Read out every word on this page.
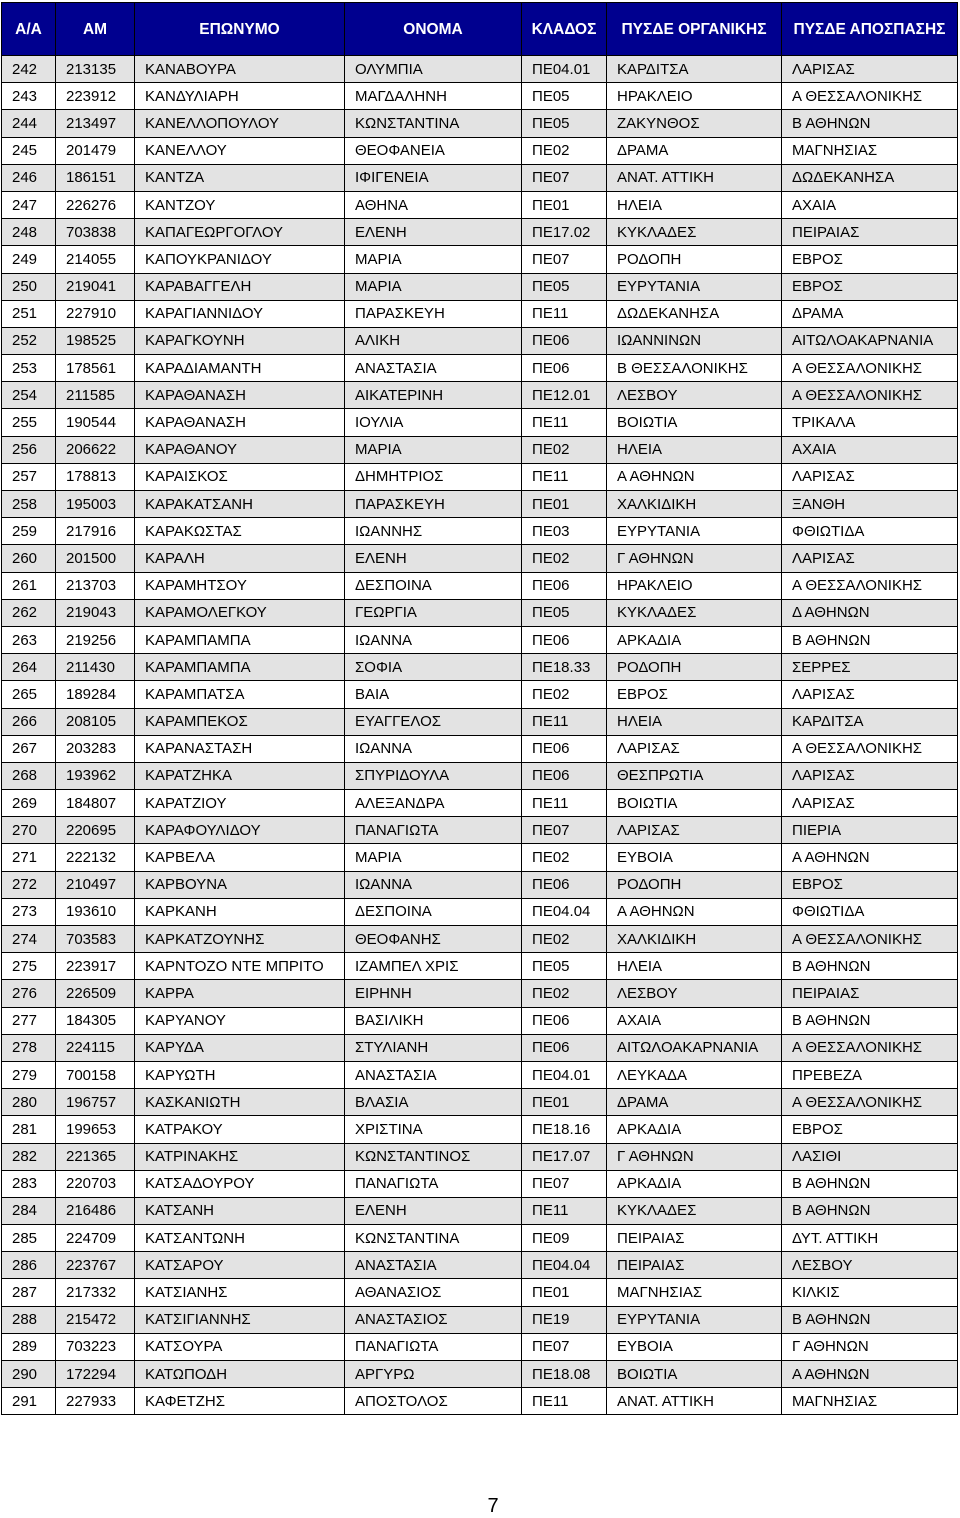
Α/Α	ΑΜ	ΕΠΩΝΥΜΟ	ΟΝΟΜΑ	ΚΛΑΔΟΣ	ΠΥΣΔΕ ΟΡΓΑΝΙΚΗΣ	ΠΥΣΔΕ ΑΠΟΣΠΑΣΗΣ
242	213135	ΚΑΝΑΒΟΥΡΑ	ΟΛΥΜΠΙΑ	ΠΕ04.01	ΚΑΡΔΙΤΣΑ	ΛΑΡΙΣΑΣ
243	223912	ΚΑΝΔΥΛΙΑΡΗ	ΜΑΓΔΑΛΗΝΗ	ΠΕ05	ΗΡΑΚΛΕΙΟ	Α ΘΕΣΣΑΛΟΝΙΚΗΣ
244	213497	ΚΑΝΕΛΛΟΠΟΥΛΟΥ	ΚΩΝΣΤΑΝΤΙΝΑ	ΠΕ05	ΖΑΚΥΝΘΟΣ	Β ΑΘΗΝΩΝ
245	201479	ΚΑΝΕΛΛΟΥ	ΘΕΟΦΑΝΕΙΑ	ΠΕ02	ΔΡΑΜΑ	ΜΑΓΝΗΣΙΑΣ
246	186151	ΚΑΝΤΖΑ	ΙΦΙΓΕΝΕΙΑ	ΠΕ07	ΑΝΑΤ. ΑΤΤΙΚΗ	ΔΩΔΕΚΑΝΗΣΑ
247	226276	ΚΑΝΤΖΟΥ	ΑΘΗΝΑ	ΠΕ01	ΗΛΕΙΑ	ΑΧΑΙΑ
248	703838	ΚΑΠΑΓΕΩΡΓΟΓΛΟΥ	ΕΛΕΝΗ	ΠΕ17.02	ΚΥΚΛΑΔΕΣ	ΠΕΙΡΑΙΑΣ
249	214055	ΚΑΠΟΥΚΡΑΝΙΔΟΥ	ΜΑΡΙΑ	ΠΕ07	ΡΟΔΟΠΗ	ΕΒΡΟΣ
250	219041	ΚΑΡΑΒΑΓΓΕΛΗ	ΜΑΡΙΑ	ΠΕ05	ΕΥΡΥΤΑΝΙΑ	ΕΒΡΟΣ
251	227910	ΚΑΡΑΓΙΑΝΝΙΔΟΥ	ΠΑΡΑΣΚΕΥΗ	ΠΕ11	ΔΩΔΕΚΑΝΗΣΑ	ΔΡΑΜΑ
252	198525	ΚΑΡΑΓΚΟΥΝΗ	ΑΛΙΚΗ	ΠΕ06	ΙΩΑΝΝΙΝΩΝ	ΑΙΤΩΛΟΑΚΑΡΝΑΝΙΑ
253	178561	ΚΑΡΑΔΙΑΜΑΝΤΗ	ΑΝΑΣΤΑΣΙΑ	ΠΕ06	Β ΘΕΣΣΑΛΟΝΙΚΗΣ	Α ΘΕΣΣΑΛΟΝΙΚΗΣ
254	211585	ΚΑΡΑΘΑΝΑΣΗ	ΑΙΚΑΤΕΡΙΝΗ	ΠΕ12.01	ΛΕΣΒΟΥ	Α ΘΕΣΣΑΛΟΝΙΚΗΣ
255	190544	ΚΑΡΑΘΑΝΑΣΗ	ΙΟΥΛΙΑ	ΠΕ11	ΒΟΙΩΤΙΑ	ΤΡΙΚΑΛΑ
256	206622	ΚΑΡΑΘΑΝΟΥ	ΜΑΡΙΑ	ΠΕ02	ΗΛΕΙΑ	ΑΧΑΙΑ
257	178813	ΚΑΡΑΙΣΚΟΣ	ΔΗΜΗΤΡΙΟΣ	ΠΕ11	Α ΑΘΗΝΩΝ	ΛΑΡΙΣΑΣ
258	195003	ΚΑΡΑΚΑΤΣΑΝΗ	ΠΑΡΑΣΚΕΥΗ	ΠΕ01	ΧΑΛΚΙΔΙΚΗ	ΞΑΝΘΗ
259	217916	ΚΑΡΑΚΩΣΤΑΣ	ΙΩΑΝΝΗΣ	ΠΕ03	ΕΥΡΥΤΑΝΙΑ	ΦΘΙΩΤΙΔΑ
260	201500	ΚΑΡΑΛΗ	ΕΛΕΝΗ	ΠΕ02	Γ ΑΘΗΝΩΝ	ΛΑΡΙΣΑΣ
261	213703	ΚΑΡΑΜΗΤΣΟΥ	ΔΕΣΠΟΙΝΑ	ΠΕ06	ΗΡΑΚΛΕΙΟ	Α ΘΕΣΣΑΛΟΝΙΚΗΣ
262	219043	ΚΑΡΑΜΟΛΕΓΚΟΥ	ΓΕΩΡΓΙΑ	ΠΕ05	ΚΥΚΛΑΔΕΣ	Δ ΑΘΗΝΩΝ
263	219256	ΚΑΡΑΜΠΑΜΠΑ	ΙΩΑΝΝΑ	ΠΕ06	ΑΡΚΑΔΙΑ	Β ΑΘΗΝΩΝ
264	211430	ΚΑΡΑΜΠΑΜΠΑ	ΣΟΦΙΑ	ΠΕ18.33	ΡΟΔΟΠΗ	ΣΕΡΡΕΣ
265	189284	ΚΑΡΑΜΠΑΤΣΑ	ΒΑΙΑ	ΠΕ02	ΕΒΡΟΣ	ΛΑΡΙΣΑΣ
266	208105	ΚΑΡΑΜΠΕΚΟΣ	ΕΥΑΓΓΕΛΟΣ	ΠΕ11	ΗΛΕΙΑ	ΚΑΡΔΙΤΣΑ
267	203283	ΚΑΡΑΝΑΣΤΑΣΗ	ΙΩΑΝΝΑ	ΠΕ06	ΛΑΡΙΣΑΣ	Α ΘΕΣΣΑΛΟΝΙΚΗΣ
268	193962	ΚΑΡΑΤΖΗΚΑ	ΣΠΥΡΙΔΟΥΛΑ	ΠΕ06	ΘΕΣΠΡΩΤΙΑ	ΛΑΡΙΣΑΣ
269	184807	ΚΑΡΑΤΖΙΟΥ	ΑΛΕΞΑΝΔΡΑ	ΠΕ11	ΒΟΙΩΤΙΑ	ΛΑΡΙΣΑΣ
270	220695	ΚΑΡΑΦΟΥΛΙΔΟΥ	ΠΑΝΑΓΙΩΤΑ	ΠΕ07	ΛΑΡΙΣΑΣ	ΠΙΕΡΙΑ
271	222132	ΚΑΡΒΕΛΑ	ΜΑΡΙΑ	ΠΕ02	ΕΥΒΟΙΑ	Α ΑΘΗΝΩΝ
272	210497	ΚΑΡΒΟΥΝΑ	ΙΩΑΝΝΑ	ΠΕ06	ΡΟΔΟΠΗ	ΕΒΡΟΣ
273	193610	ΚΑΡΚΑΝΗ	ΔΕΣΠΟΙΝΑ	ΠΕ04.04	Α ΑΘΗΝΩΝ	ΦΘΙΩΤΙΔΑ
274	703583	ΚΑΡΚΑΤΖΟΥΝΗΣ	ΘΕΟΦΑΝΗΣ	ΠΕ02	ΧΑΛΚΙΔΙΚΗ	Α ΘΕΣΣΑΛΟΝΙΚΗΣ
275	223917	ΚΑΡΝΤΟΖΟ ΝΤΕ ΜΠΡΙΤΟ	ΙΖΑΜΠΕΛ ΧΡΙΣ	ΠΕ05	ΗΛΕΙΑ	Β ΑΘΗΝΩΝ
276	226509	ΚΑΡΡΑ	ΕΙΡΗΝΗ	ΠΕ02	ΛΕΣΒΟΥ	ΠΕΙΡΑΙΑΣ
277	184305	ΚΑΡΥΑΝΟΥ	ΒΑΣΙΛΙΚΗ	ΠΕ06	ΑΧΑΙΑ	Β ΑΘΗΝΩΝ
278	224115	ΚΑΡΥΔΑ	ΣΤΥΛΙΑΝΗ	ΠΕ06	ΑΙΤΩΛΟΑΚΑΡΝΑΝΙΑ	Α ΘΕΣΣΑΛΟΝΙΚΗΣ
279	700158	ΚΑΡΥΩΤΗ	ΑΝΑΣΤΑΣΙΑ	ΠΕ04.01	ΛΕΥΚΑΔΑ	ΠΡΕΒΕΖΑ
280	196757	ΚΑΣΚΑΝΙΩΤΗ	ΒΛΑΣΙΑ	ΠΕ01	ΔΡΑΜΑ	Α ΘΕΣΣΑΛΟΝΙΚΗΣ
281	199653	ΚΑΤΡΑΚΟΥ	ΧΡΙΣΤΙΝΑ	ΠΕ18.16	ΑΡΚΑΔΙΑ	ΕΒΡΟΣ
282	221365	ΚΑΤΡΙΝΑΚΗΣ	ΚΩΝΣΤΑΝΤΙΝΟΣ	ΠΕ17.07	Γ ΑΘΗΝΩΝ	ΛΑΣΙΘΙ
283	220703	ΚΑΤΣΑΔΟΥΡΟΥ	ΠΑΝΑΓΙΩΤΑ	ΠΕ07	ΑΡΚΑΔΙΑ	Β ΑΘΗΝΩΝ
284	216486	ΚΑΤΣΑΝΗ	ΕΛΕΝΗ	ΠΕ11	ΚΥΚΛΑΔΕΣ	Β ΑΘΗΝΩΝ
285	224709	ΚΑΤΣΑΝΤΩΝΗ	ΚΩΝΣΤΑΝΤΙΝΑ	ΠΕ09	ΠΕΙΡΑΙΑΣ	ΔΥΤ. ΑΤΤΙΚΗ
286	223767	ΚΑΤΣΑΡΟΥ	ΑΝΑΣΤΑΣΙΑ	ΠΕ04.04	ΠΕΙΡΑΙΑΣ	ΛΕΣΒΟΥ
287	217332	ΚΑΤΣΙΑΝΗΣ	ΑΘΑΝΑΣΙΟΣ	ΠΕ01	ΜΑΓΝΗΣΙΑΣ	ΚΙΛΚΙΣ
288	215472	ΚΑΤΣΙΓΙΑΝΝΗΣ	ΑΝΑΣΤΑΣΙΟΣ	ΠΕ19	ΕΥΡΥΤΑΝΙΑ	Β ΑΘΗΝΩΝ
289	703223	ΚΑΤΣΟΥΡΑ	ΠΑΝΑΓΙΩΤΑ	ΠΕ07	ΕΥΒΟΙΑ	Γ ΑΘΗΝΩΝ
290	172294	ΚΑΤΩΠΟΔΗ	ΑΡΓΥΡΩ	ΠΕ18.08	ΒΟΙΩΤΙΑ	Α ΑΘΗΝΩΝ
291	227933	ΚΑΦΕΤΖΗΣ	ΑΠΟΣΤΟΛΟΣ	ΠΕ11	ΑΝΑΤ. ΑΤΤΙΚΗ	ΜΑΓΝΗΣΙΑΣ
7
